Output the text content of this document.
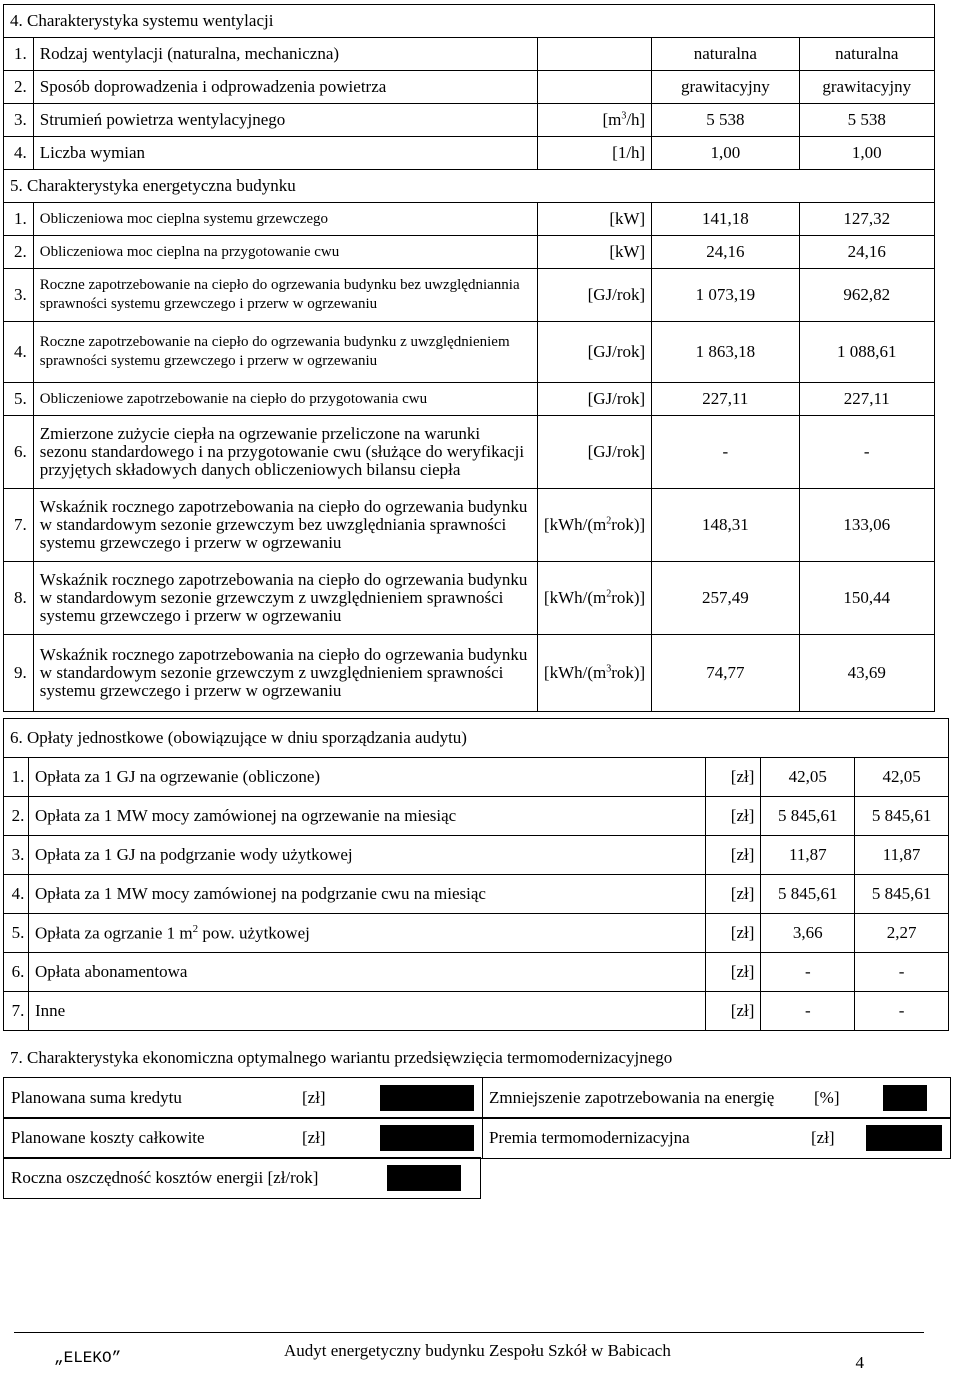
4. Charakterystyka systemu wentylacji				
1.	Rodzaj wentylacji (naturalna, mechaniczna)		naturalna	naturalna
2.	Sposób doprowadzenia i odprowadzenia powietrza		grawitacyjny	grawitacyjny
3.	Strumień powietrza wentylacyjnego	$[m^3/h]$	5 538	5 538
4.	Liczba wymian	[1/h]	1,00	1,00
5. Charakterystyka energetyczna budynku				
1.	Obliczeniowa moc cieplna systemu grzewczego	[kW]	141,18	127,32
2.	Obliczeniowa moc cieplna na przygotowanie cwu	[kW]	24,16	24,16
3.	Roczne zapotrzebowanie na ciepło do ogrzewania budynku bez uwzględniannia sprawności systemu grzewczego i przerw w ogrzewaniu	[GJ/rok]	1 073,19	962,82
4.	Roczne zapotrzebowanie na ciepło do ogrzewania budynku z uwzględnieniem sprawności systemu grzewczego i przerw w ogrzewaniu	[GJ/rok]	1 863,18	1 088,61
5.	Obliczeniowe zapotrzebowanie na ciepło do przygotowania cwu	[GJ/rok]	227,11	227,11
6.	Zmierzone zużycie ciepła na ogrzewanie przeliczone na warunki sezonu standardowego i na przygotowanie cwu (służące do weryfikacji przyjętych składowych danych obliczeniowych bilansu ciepła	[GJ/rok]	-	-
7.	Wskaźnik rocznego zapotrzebowania na ciepło do ogrzewania budynku w standardowym sezonie grzewczym bez uwzględniania sprawności systemu grzewczego i przerw w ogrzewaniu	$[kWh/(m^2rok)]$	148,31	133,06
8.	Wskaźnik rocznego zapotrzebowania na ciepło do ogrzewania budynku w standardowym sezonie grzewczym z uwzględnieniem sprawności systemu grzewczego i przerw w ogrzewaniu	$[kWh/(m^2rok)]$	257,49	150,44
9.	Wskaźnik rocznego zapotrzebowania na ciepło do ogrzewania budynku w standardowym sezonie grzewczym z uwzględnieniem sprawności systemu grzewczego i przerw w ogrzewaniu	$[kWh/(m^3rok)]$	74,77	43,69
6. Opłaty jednostkowe (obowiązujące w dniu sporządzania audytu)				
1.	Opłata za 1 GJ na ogrzewanie (obliczone)	[zł]	42,05	42,05
2.	Opłata za 1 MW mocy zamówionej na ogrzewanie na miesiąc	[zł]	5 845,61	5 845,61
3.	Opłata za 1 GJ na podgrzanie wody użytkowej	[zł]	11,87	11,87
4.	Opłata za 1 MW mocy zamówionej na podgrzanie cwu na miesiąc	[zł]	5 845,61	5 845,61
5.	Opłata za ogrzanie 1 $m^2$ pow. użytkowej	[zł]	3,66	2,27
6.	Opłata abonamentowa	[zł]	-	-
7.	Inne	[zł]	-	-
7. Charakterystyka ekonomiczna optymalnego wariantu przedsięwzięcia termomodernizacyjnego
Planowana suma kredytu	[zł]	Zmniejszenie zapotrzebowania na energię [%]
Planowane koszty całkowite	[zł]	Premia termomodernizacyjna	[zł]
Roczna oszczędność kosztów energii [zł/rok]
„ELEKO”	Audyt energetyczny budynku Zespołu Szkół w Babicach
4
